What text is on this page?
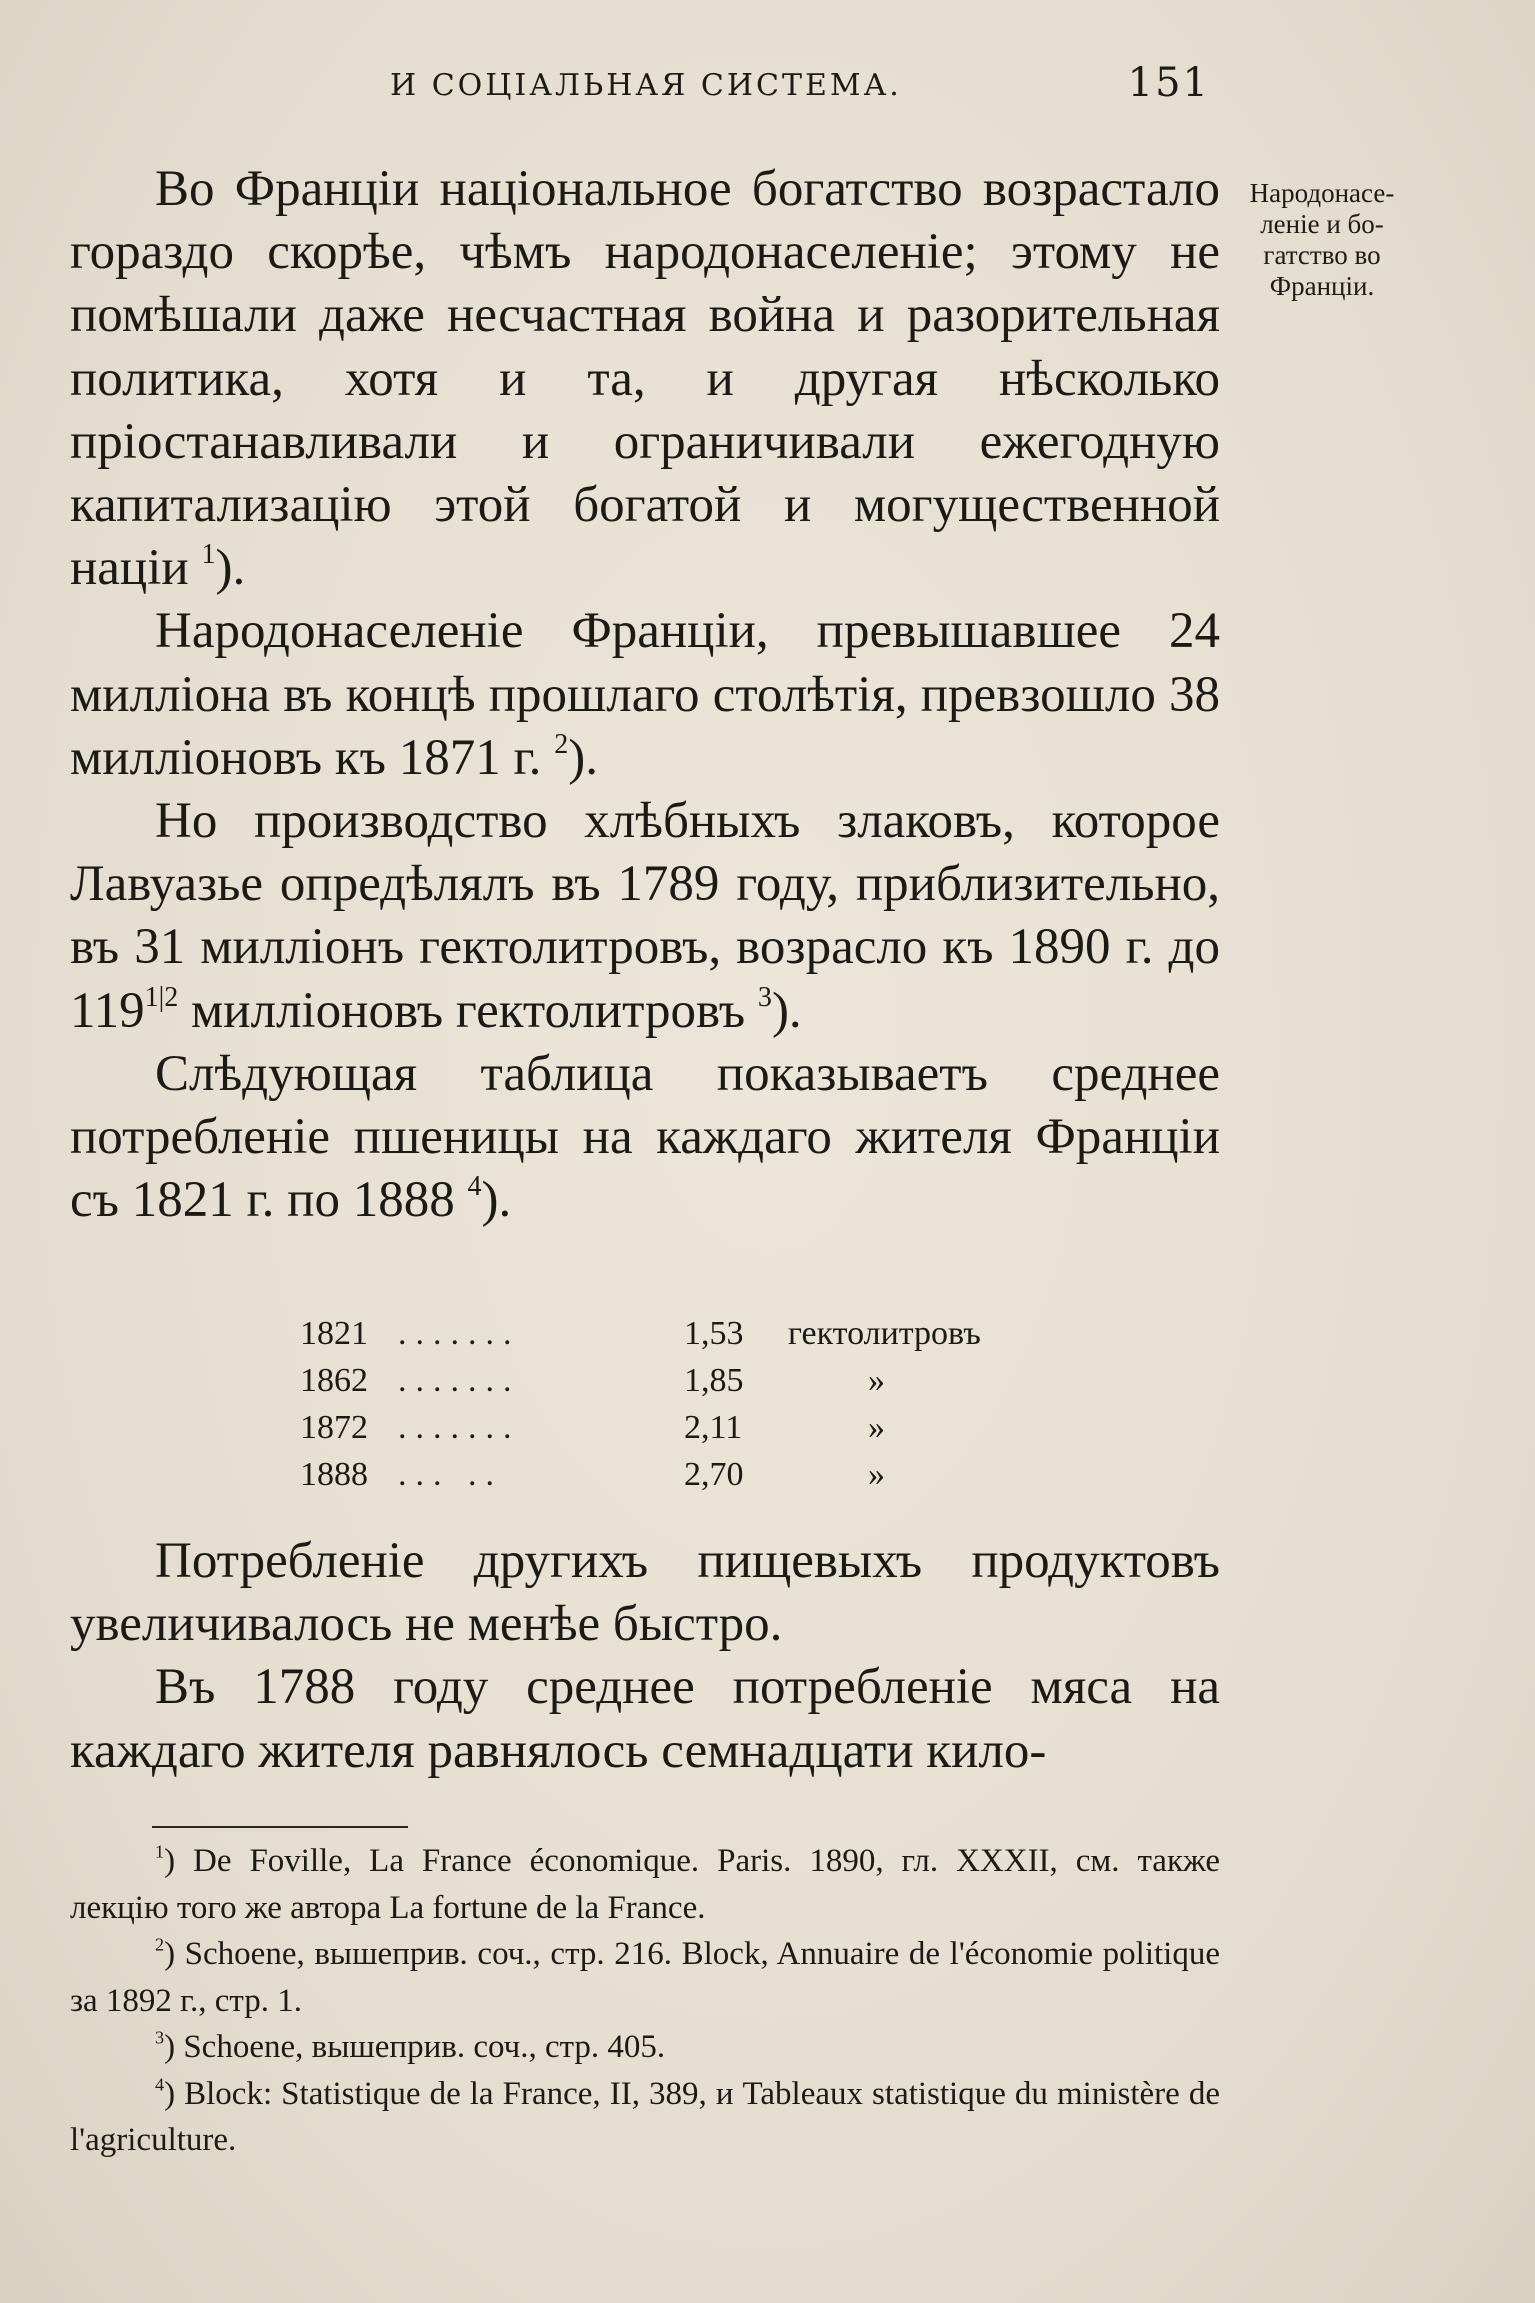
И СОЦІАЛЬНАЯ СИСТЕМА.	151
Народонасе-
леніе и бо-
гатство во
Франціи.

Во Франціи національное богатство возрастало гораздо скорѣе, чѣмъ народонаселеніе; этому не помѣшали даже несчастная война и разорительная политика, хотя и та, и другая нѣсколько пріостанавливали и ограничивали ежегодную капитализацію этой богатой и могущественной націи $^1$).

Народонаселеніе Франціи, превышавшее 24 милліона въ концѣ прошлаго столѣтія, превзошло 38 милліоновъ къ 1871 г. $^2$).

Но производство хлѣбныхъ злаковъ, которое Лавуазье опредѣлялъ въ 1789 году, приблизительно, въ 31 милліонъ гектолитровъ, возрасло къ 1890 г. до $119^{1|2}$ милліоновъ гектолитровъ $^3$).

Слѣдующая таблица показываетъ среднее потребленіе пшеницы на каждаго жителя Франціи съ 1821 г. по 1888 $^4$).

1821 .......	1,53 гектолитровъ
1862 .......	1,85	»
1872 .......	2,11	»
1888 ... ..	2,70	»

Потребленіе другихъ пищевыхъ продуктовъ увеличивалось не менѣе быстро.

Въ 1788 году среднее потребленіе мяса на каждаго жителя равнялось семнадцати кило-

$^1$) De Foville, La France économique. Paris. 1890, гл. XXXII, см. также лекцію того же автора La fortune de la France.

$^2$) Schoene, вышеприв. соч., стр. 216. Block, Annuaire de l'économie politique за 1892 г., стр. 1.

$^3$) Schoene, вышеприв. соч., стр. 405.

$^4$) Block: Statistique de la France, II, 389, и Tableaux statistique du ministère de l'agriculture.
